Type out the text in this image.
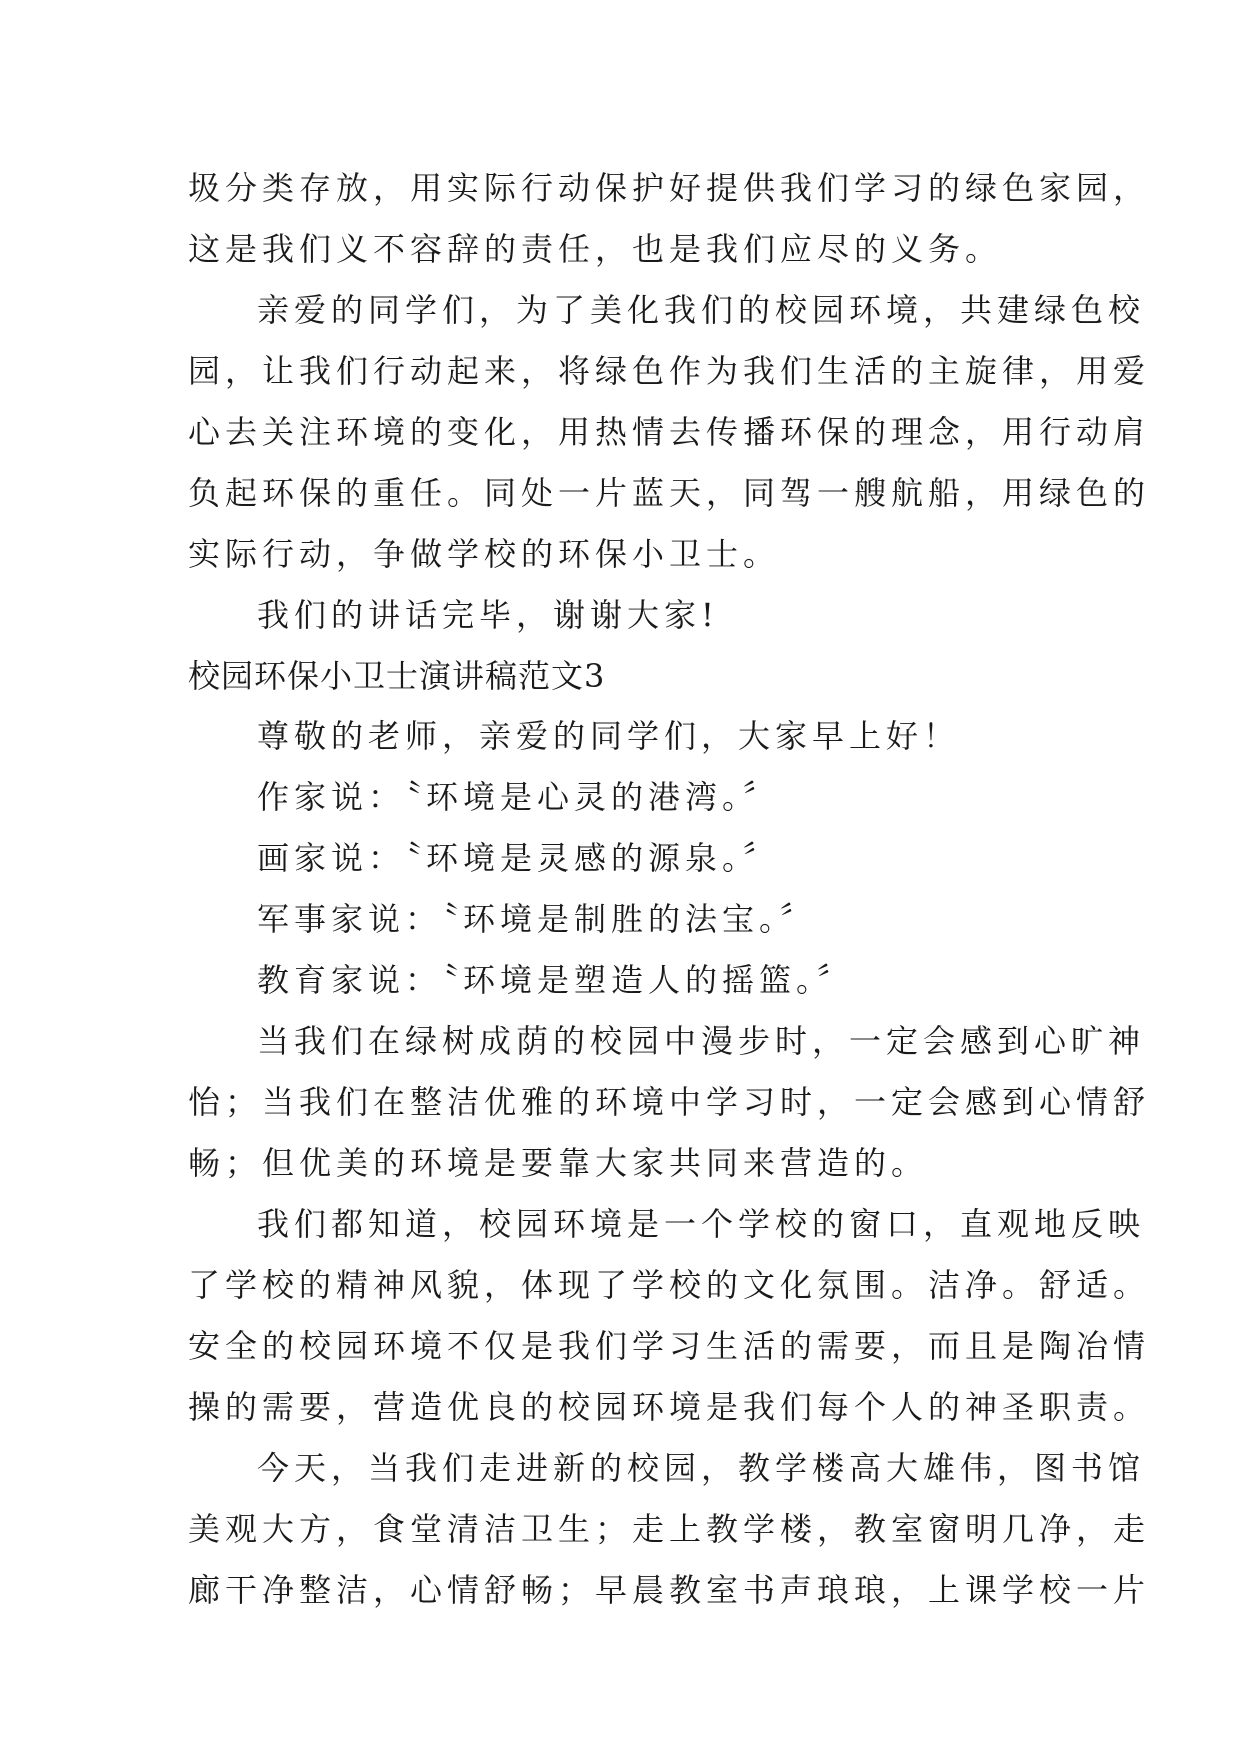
圾分类存放，用实际行动保护好提供我们学习的绿色家园，
这是我们义不容辞的责任，也是我们应尽的义务。
亲爱的同学们，为了美化我们的校园环境，共建绿色校
园，让我们行动起来，将绿色作为我们生活的主旋律，用爱
心去关注环境的变化，用热情去传播环保的理念，用行动肩
负起环保的重任。同处一片蓝天，同驾一艘航船，用绿色的
实际行动，争做学校的环保小卫士。
我们的讲话完毕，谢谢大家!
校园环保小卫士演讲稿范文3
尊敬的老师，亲爱的同学们，大家早上好！
作家说：〝环境是心灵的港湾。〞
画家说：〝环境是灵感的源泉。〞
军事家说：〝环境是制胜的法宝。〞
教育家说：〝环境是塑造人的摇篮。〞
当我们在绿树成荫的校园中漫步时，一定会感到心旷神
怡；当我们在整洁优雅的环境中学习时，一定会感到心情舒
畅；但优美的环境是要靠大家共同来营造的。
我们都知道，校园环境是一个学校的窗口，直观地反映
了学校的精神风貌，体现了学校的文化氛围。洁净。舒适。
安全的校园环境不仅是我们学习生活的需要，而且是陶冶情
操的需要，营造优良的校园环境是我们每个人的神圣职责。
今天，当我们走进新的校园，教学楼高大雄伟，图书馆
美观大方，食堂清洁卫生；走上教学楼，教室窗明几净，走
廊干净整洁，心情舒畅；早晨教室书声琅琅，上课学校一片
